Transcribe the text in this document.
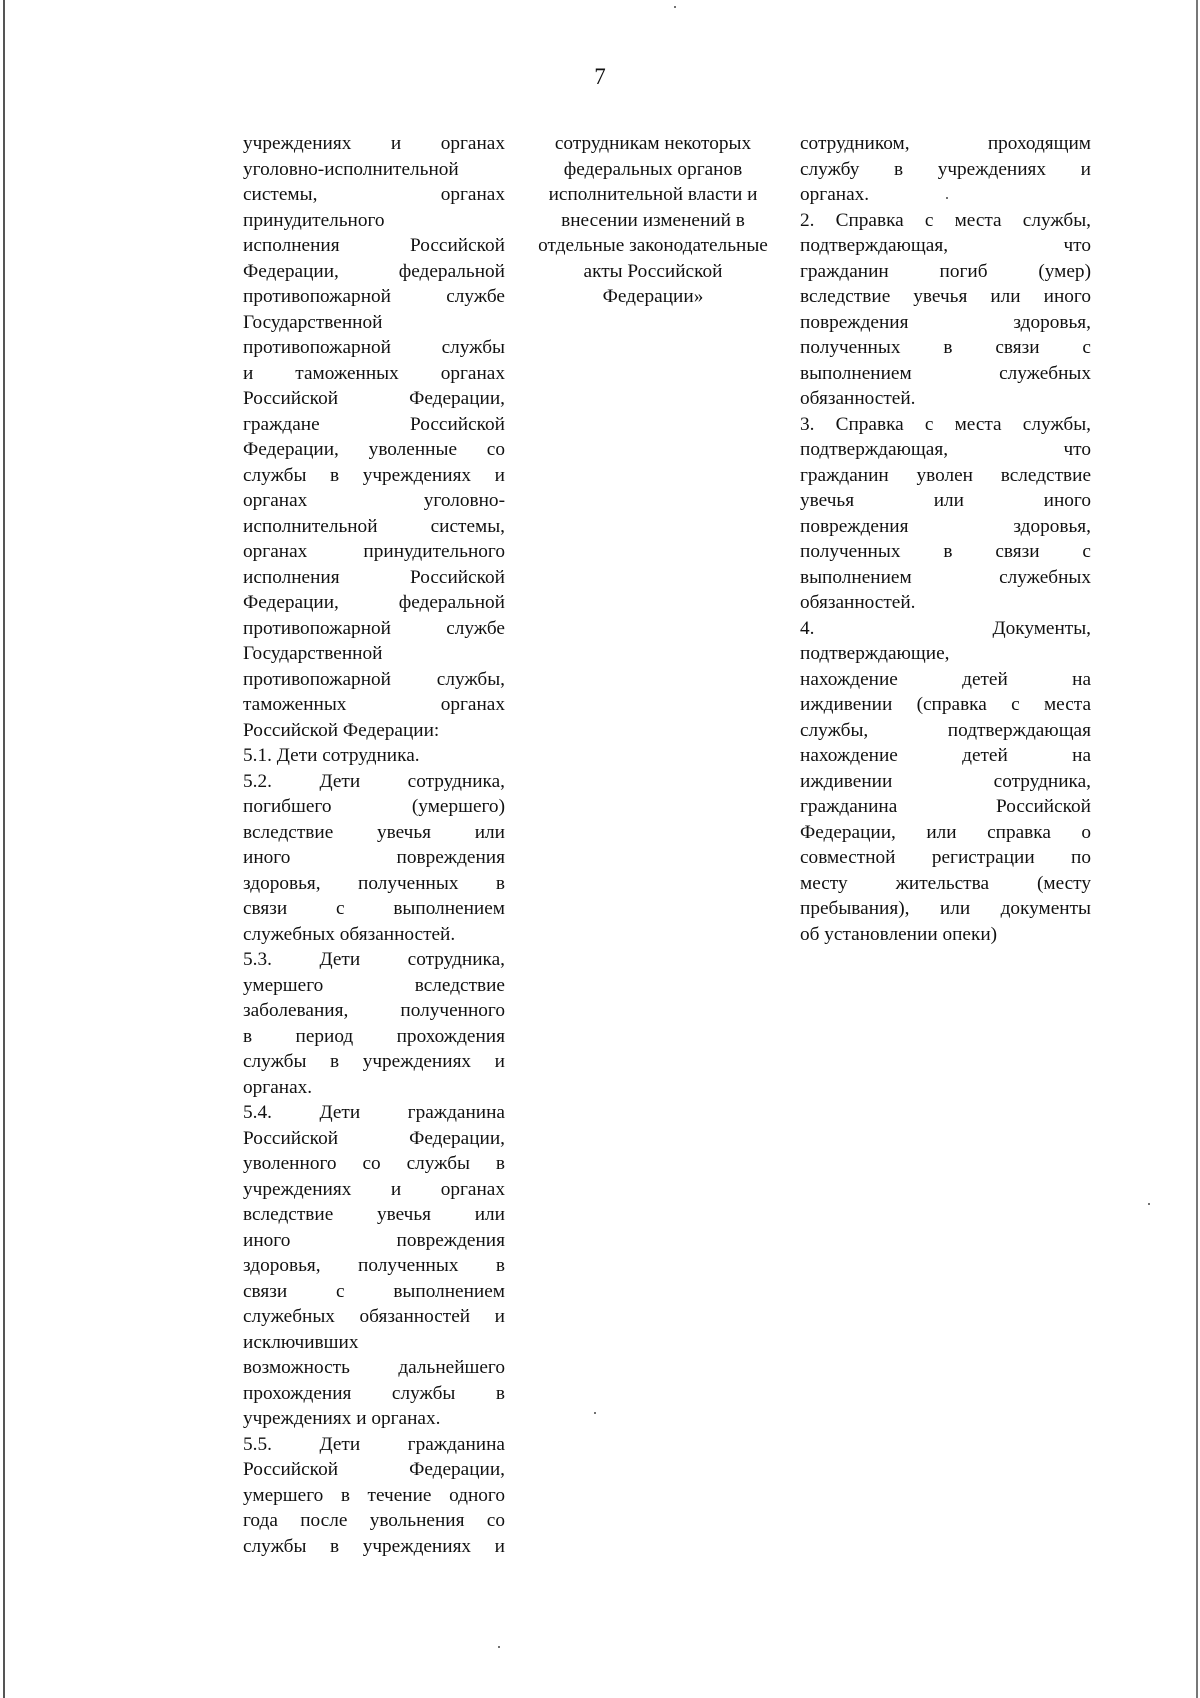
7
учреждениях и органах
уголовно-исполнительной
системы, органах
принудительного
исполнения Российской
Федерации, федеральной
противопожарной службе
Государственной
противопожарной службы
и таможенных органах
Российской Федерации,
граждане Российской
Федерации, уволенные со
службы в учреждениях и
органах уголовно-
исполнительной системы,
органах принудительного
исполнения Российской
Федерации, федеральной
противопожарной службе
Государственной
противопожарной службы,
таможенных органах
Российской Федерации:
5.1. Дети сотрудника.
5.2. Дети сотрудника,
погибшего (умершего)
вследствие увечья или
иного повреждения
здоровья, полученных в
связи с выполнением
служебных обязанностей.
5.3. Дети сотрудника,
умершего вследствие
заболевания, полученного
в период прохождения
службы в учреждениях и
органах.
5.4. Дети гражданина
Российской Федерации,
уволенного со службы в
учреждениях и органах
вследствие увечья или
иного повреждения
здоровья, полученных в
связи с выполнением
служебных обязанностей и
исключивших
возможность дальнейшего
прохождения службы в
учреждениях и органах.
5.5. Дети гражданина
Российской Федерации,
умершего в течение одного
года после увольнения со
службы в учреждениях и
сотрудникам некоторых
федеральных органов
исполнительной власти и
внесении изменений в
отдельные законодательные
акты Российской
Федерации»
сотрудником, проходящим
службу в учреждениях и
органах.
2. Справка с места службы,
подтверждающая, что
гражданин погиб (умер)
вследствие увечья или иного
повреждения здоровья,
полученных в связи с
выполнением служебных
обязанностей.
3. Справка с места службы,
подтверждающая, что
гражданин уволен вследствие
увечья или иного
повреждения здоровья,
полученных в связи с
выполнением служебных
обязанностей.
4. Документы,
подтверждающие,
нахождение детей на
иждивении (справка с места
службы, подтверждающая
нахождение детей на
иждивении сотрудника,
гражданина Российской
Федерации, или справка о
совместной регистрации по
месту жительства (месту
пребывания), или документы
об установлении опеки)
